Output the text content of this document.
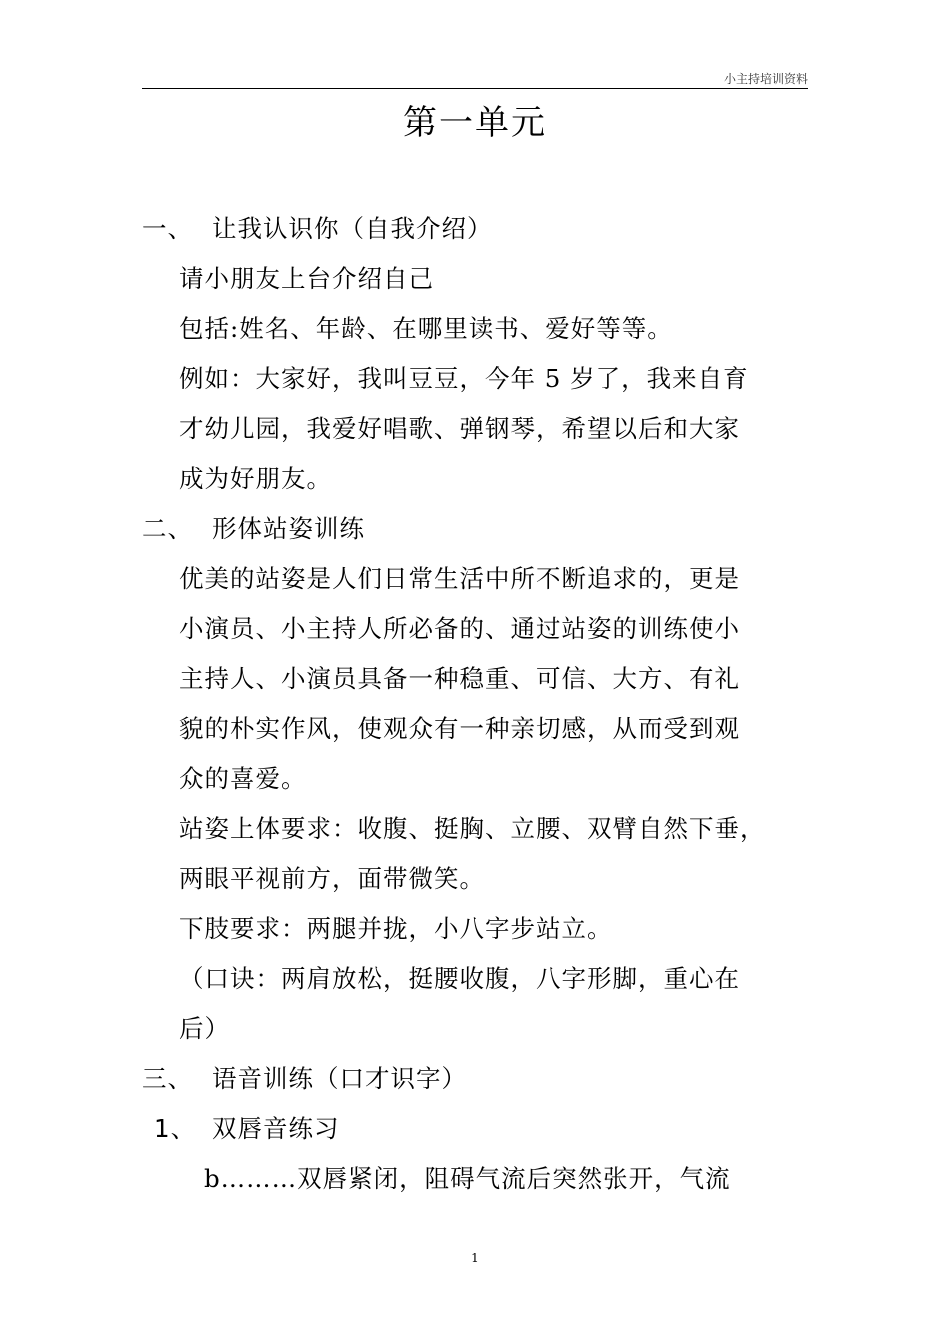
小主持培训资料
第一单元
一、 让我认识你（自我介绍）
请小朋友上台介绍自己
包括:姓名、年龄、在哪里读书、爱好等等。
例如：大家好，我叫豆豆，今年 5 岁了，我来自育
才幼儿园，我爱好唱歌、弹钢琴，希望以后和大家
成为好朋友。
二、 形体站姿训练
优美的站姿是人们日常生活中所不断追求的，更是
小演员、小主持人所必备的、通过站姿的训练使小
主持人、小演员具备一种稳重、可信、大方、有礼
貌的朴实作风，使观众有一种亲切感，从而受到观
众的喜爱。
站姿上体要求：收腹、挺胸、立腰、双臂自然下垂，
两眼平视前方，面带微笑。
下肢要求：两腿并拢，小八字步站立。
（口诀：两肩放松，挺腰收腹，八字形脚，重心在
后）
三、 语音训练（口才识字）
1、 双唇音练习
b………双唇紧闭，阻碍气流后突然张开，气流
1
